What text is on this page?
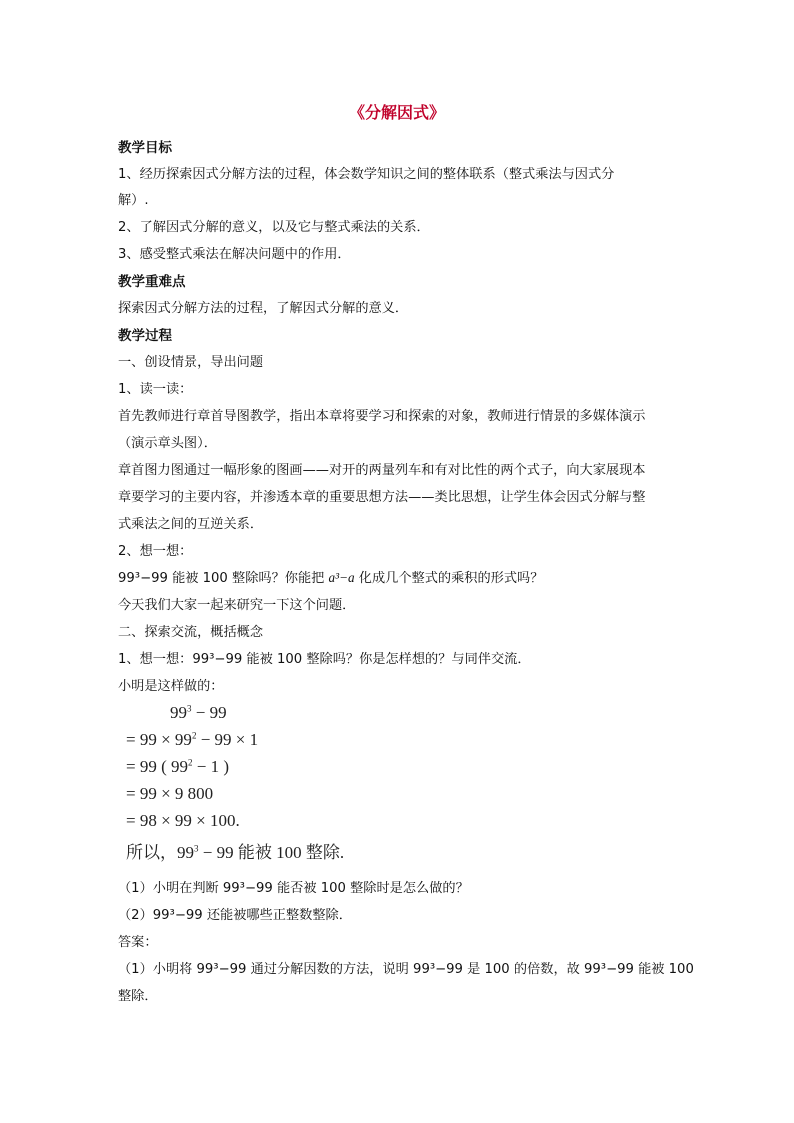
《分解因式》
教学目标
1、经历探索因式分解方法的过程，体会数学知识之间的整体联系（整式乘法与因式分
解）.
2、了解因式分解的意义，以及它与整式乘法的关系．
3、感受整式乘法在解决问题中的作用．
教学重难点
探索因式分解方法的过程，了解因式分解的意义．
教学过程
一、创设情景，导出问题
1、读一读：
首先教师进行章首导图教学，指出本章将要学习和探索的对象，教师进行情景的多媒体演示
（演示章头图）．
章首图力图通过一幅形象的图画——对开的两量列车和有对比性的两个式子，向大家展现本
章要学习的主要内容，并渗透本章的重要思想方法——类比思想，让学生体会因式分解与整
式乘法之间的互逆关系．
2、想一想：
99³−99 能被 100 整除吗？你能把 a³−a 化成几个整式的乘积的形式吗？
今天我们大家一起来研究一下这个问题．
二、探索交流，概括概念
1、想一想：99³−99 能被 100 整除吗？你是怎样想的？与同伴交流．
小明是这样做的：
$99^3 - 99$
= $99 \times 99^2 - 99 \times 1$
= 99 ( $99^2 - 1$ )
= 99 × 9 800
= 98 × 99 × 100.
所以，$99^3 - 99$ 能被 100 整除.
（1）小明在判断 99³−99 能否被 100 整除时是怎么做的？
（2）99³−99 还能被哪些正整数整除．
答案：
（1）小明将 99³−99 通过分解因数的方法，说明 99³−99 是 100 的倍数，故 99³−99 能被 100
整除．
